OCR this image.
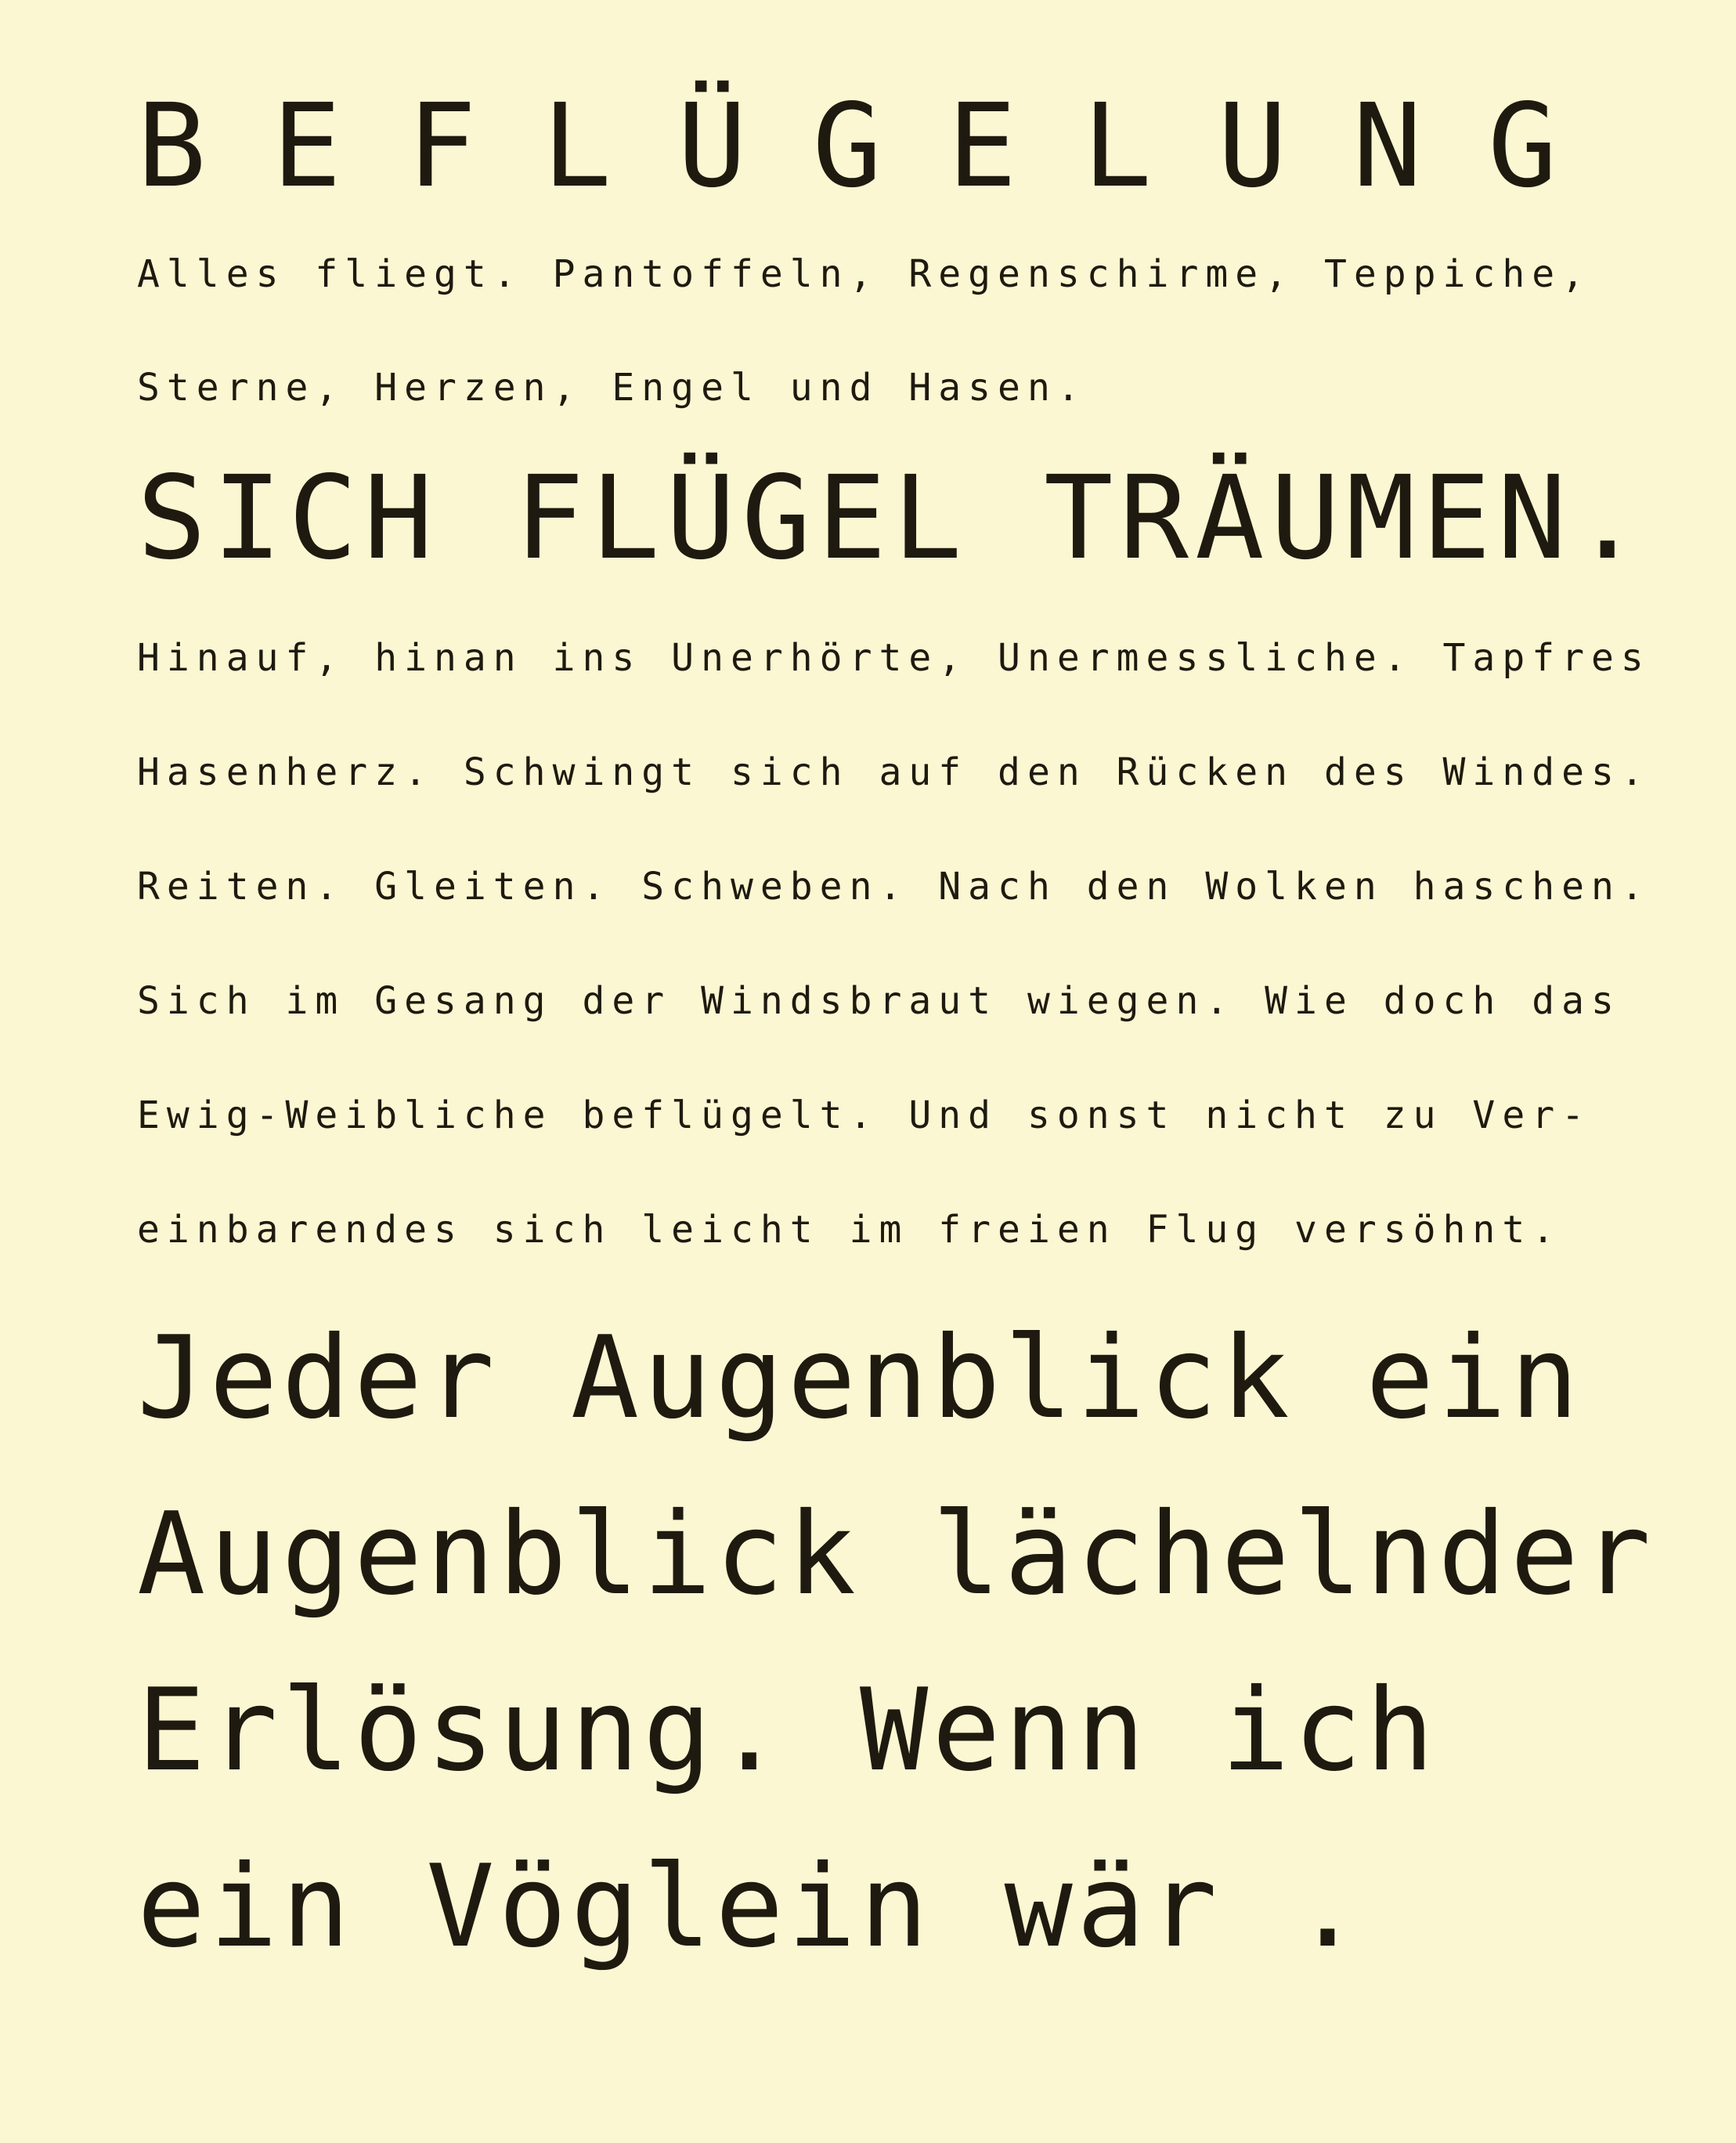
BEFLÜGELUNG
Alles fliegt. Pantoffeln, Regenschirme, Teppiche,
Sterne, Herzen, Engel und Hasen.
SICH FLÜGEL TRÄUMEN.
Hinauf, hinan ins Unerhörte, Unermessliche. Tapfres
Hasenherz. Schwingt sich auf den Rücken des Windes.
Reiten. Gleiten. Schweben. Nach den Wolken haschen.
Sich im Gesang der Windsbraut wiegen. Wie doch das
Ewig-Weibliche beflügelt. Und sonst nicht zu Ver-
einbarendes sich leicht im freien Flug versöhnt.
Jeder Augenblick ein
Augenblick lächelnder
Erlösung. Wenn ich
ein Vöglein wär .
